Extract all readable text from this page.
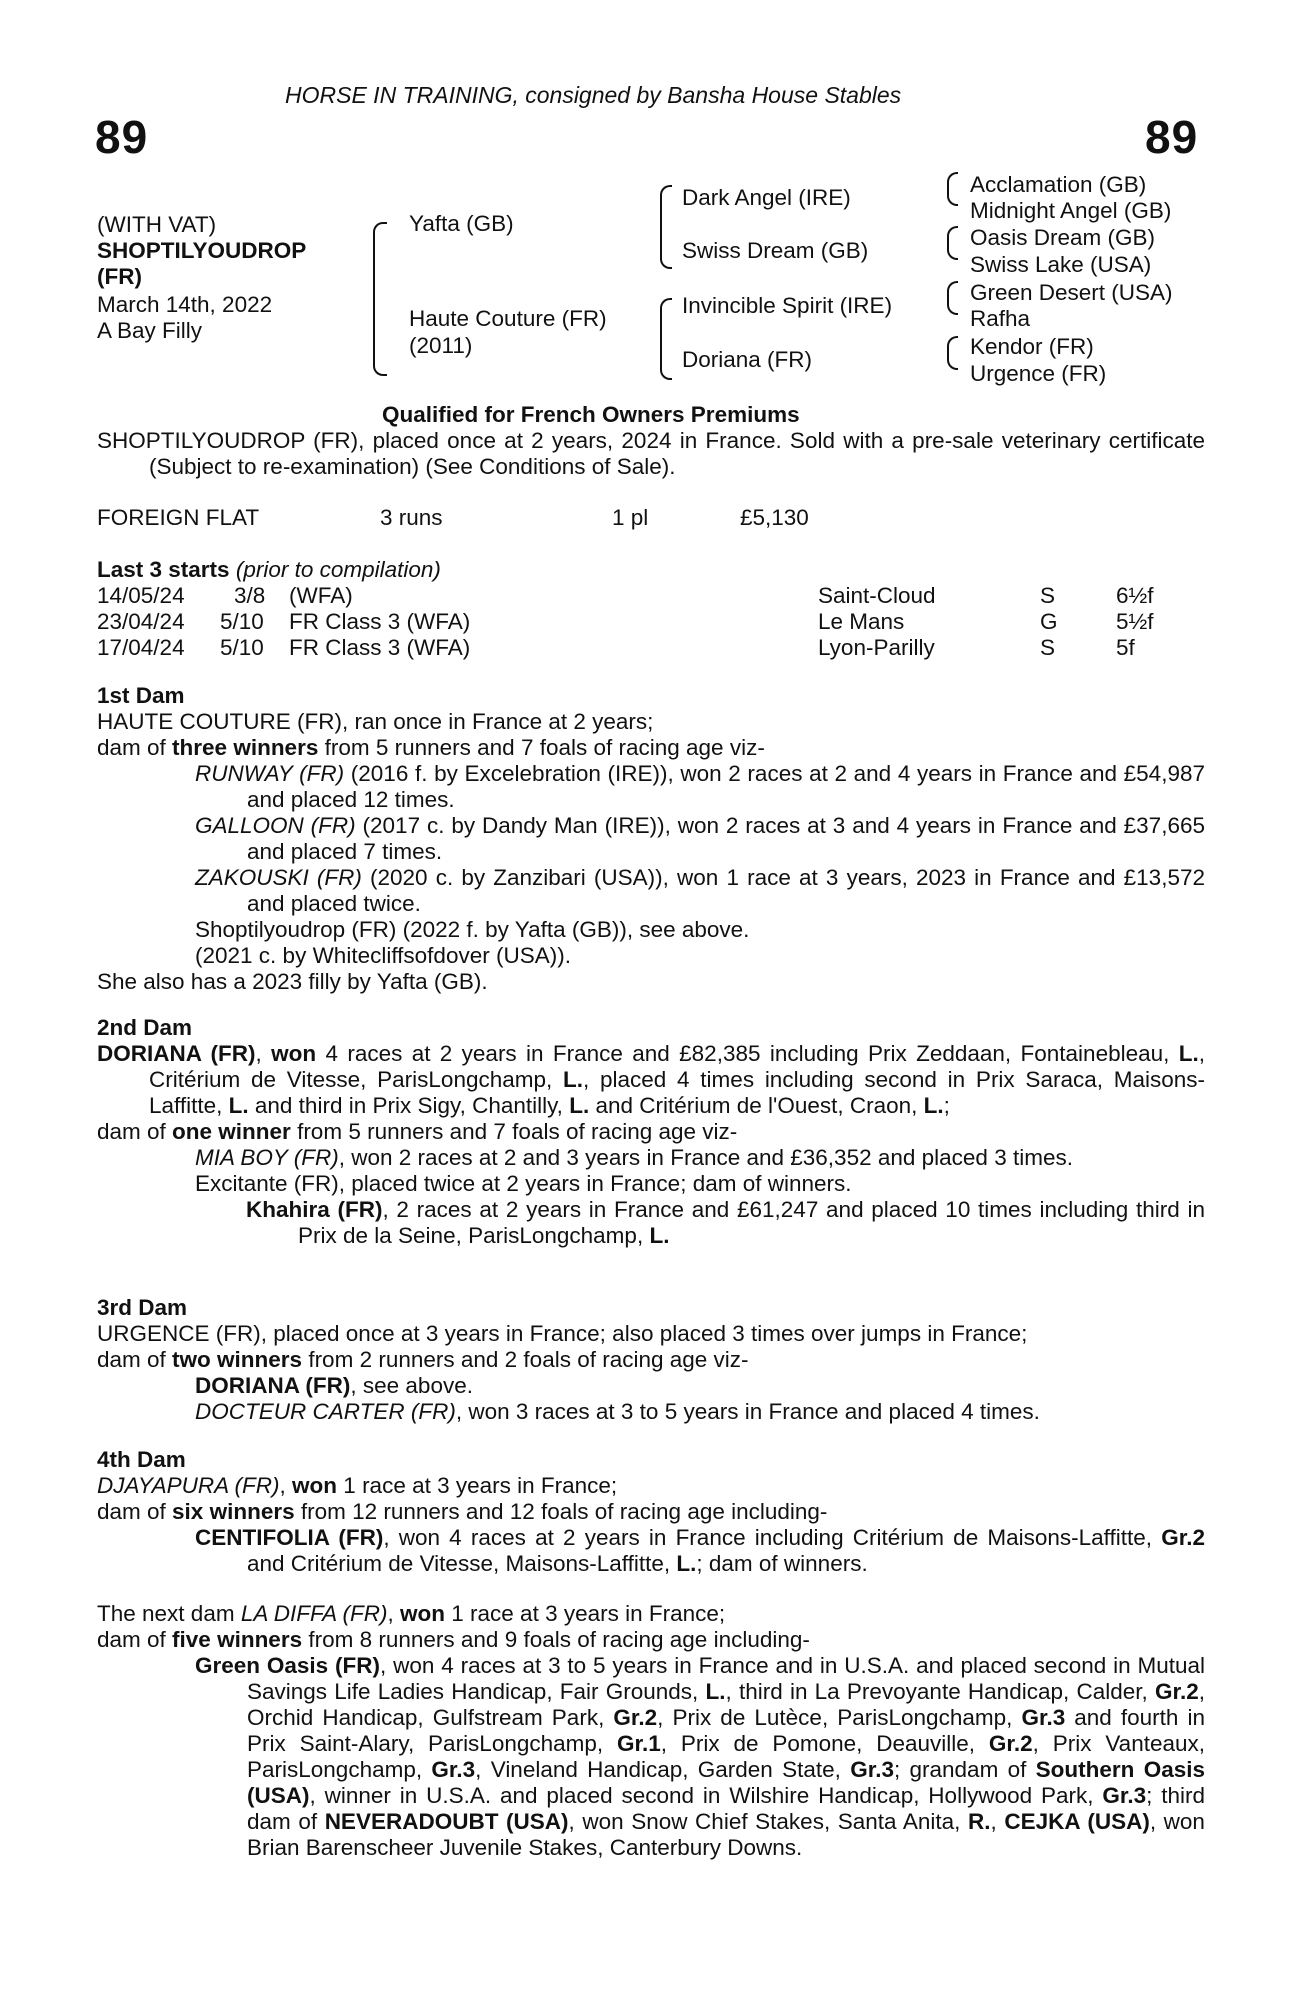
HORSE IN TRAINING, consigned by Bansha House Stables
89	89
(WITH VAT)
SHOPTILYOUDROP
(FR)
March 14th, 2022
A Bay Filly
Yafta (GB)
Haute Couture (FR)
(2011)
Dark Angel (IRE)
Swiss Dream (GB)
Invincible Spirit (IRE)
Doriana (FR)
Acclamation (GB)
Midnight Angel (GB)
Oasis Dream (GB)
Swiss Lake (USA)
Green Desert (USA)
Rafha
Kendor (FR)
Urgence (FR)
Qualified for French Owners Premiums

SHOPTILYOUDROP (FR), placed once at 2 years, 2024 in France. Sold with a pre-sale veterinary certificate (Subject to re-examination) (See Conditions of Sale).

FOREIGN FLAT	3 runs	1 pl	£5,130
Last 3 starts (prior to compilation)
14/05/24 3/8 (WFA)	Saint-Cloud	S	6½f
23/04/24 5/10 FR Class 3 (WFA)	Le Mans	G	5½f
17/04/24 5/10 FR Class 3 (WFA)	Lyon-Parilly	S	5f

1st Dam

HAUTE COUTURE (FR), ran once in France at 2 years;

dam of three winners from 5 runners and 7 foals of racing age viz-

RUNWAY (FR) (2016 f. by Excelebration (IRE)), won 2 races at 2 and 4 years in France and £54,987 and placed 12 times.

GALLOON (FR) (2017 c. by Dandy Man (IRE)), won 2 races at 3 and 4 years in France and £37,665 and placed 7 times.

ZAKOUSKI (FR) (2020 c. by Zanzibari (USA)), won 1 race at 3 years, 2023 in France and £13,572 and placed twice.

Shoptilyoudrop (FR) (2022 f. by Yafta (GB)), see above.

(2021 c. by Whitecliffsofdover (USA)).

She also has a 2023 filly by Yafta (GB).

2nd Dam

DORIANA (FR), won 4 races at 2 years in France and £82,385 including Prix Zeddaan, Fontainebleau, L., Critérium de Vitesse, ParisLongchamp, L., placed 4 times including second in Prix Saraca, Maisons-Laffitte, L. and third in Prix Sigy, Chantilly, L. and Critérium de l'Ouest, Craon, L.;

dam of one winner from 5 runners and 7 foals of racing age viz-

MIA BOY (FR), won 2 races at 2 and 3 years in France and £36,352 and placed 3 times.

Excitante (FR), placed twice at 2 years in France; dam of winners.

Khahira (FR), 2 races at 2 years in France and £61,247 and placed 10 times including third in Prix de la Seine, ParisLongchamp, L.

3rd Dam

URGENCE (FR), placed once at 3 years in France; also placed 3 times over jumps in France;

dam of two winners from 2 runners and 2 foals of racing age viz-

DORIANA (FR), see above.

DOCTEUR CARTER (FR), won 3 races at 3 to 5 years in France and placed 4 times.

4th Dam

DJAYAPURA (FR), won 1 race at 3 years in France;

dam of six winners from 12 runners and 12 foals of racing age including-

CENTIFOLIA (FR), won 4 races at 2 years in France including Critérium de Maisons-Laffitte, Gr.2 and Critérium de Vitesse, Maisons-Laffitte, L.; dam of winners.

The next dam LA DIFFA (FR), won 1 race at 3 years in France;

dam of five winners from 8 runners and 9 foals of racing age including-

Green Oasis (FR), won 4 races at 3 to 5 years in France and in U.S.A. and placed second in Mutual Savings Life Ladies Handicap, Fair Grounds, L., third in La Prevoyante Handicap, Calder, Gr.2, Orchid Handicap, Gulfstream Park, Gr.2, Prix de Lutèce, ParisLongchamp, Gr.3 and fourth in Prix Saint-Alary, ParisLongchamp, Gr.1, Prix de Pomone, Deauville, Gr.2, Prix Vanteaux, ParisLongchamp, Gr.3, Vineland Handicap, Garden State, Gr.3; grandam of Southern Oasis (USA), winner in U.S.A. and placed second in Wilshire Handicap, Hollywood Park, Gr.3; third dam of NEVERADOUBT (USA), won Snow Chief Stakes, Santa Anita, R., CEJKA (USA), won Brian Barenscheer Juvenile Stakes, Canterbury Downs.
